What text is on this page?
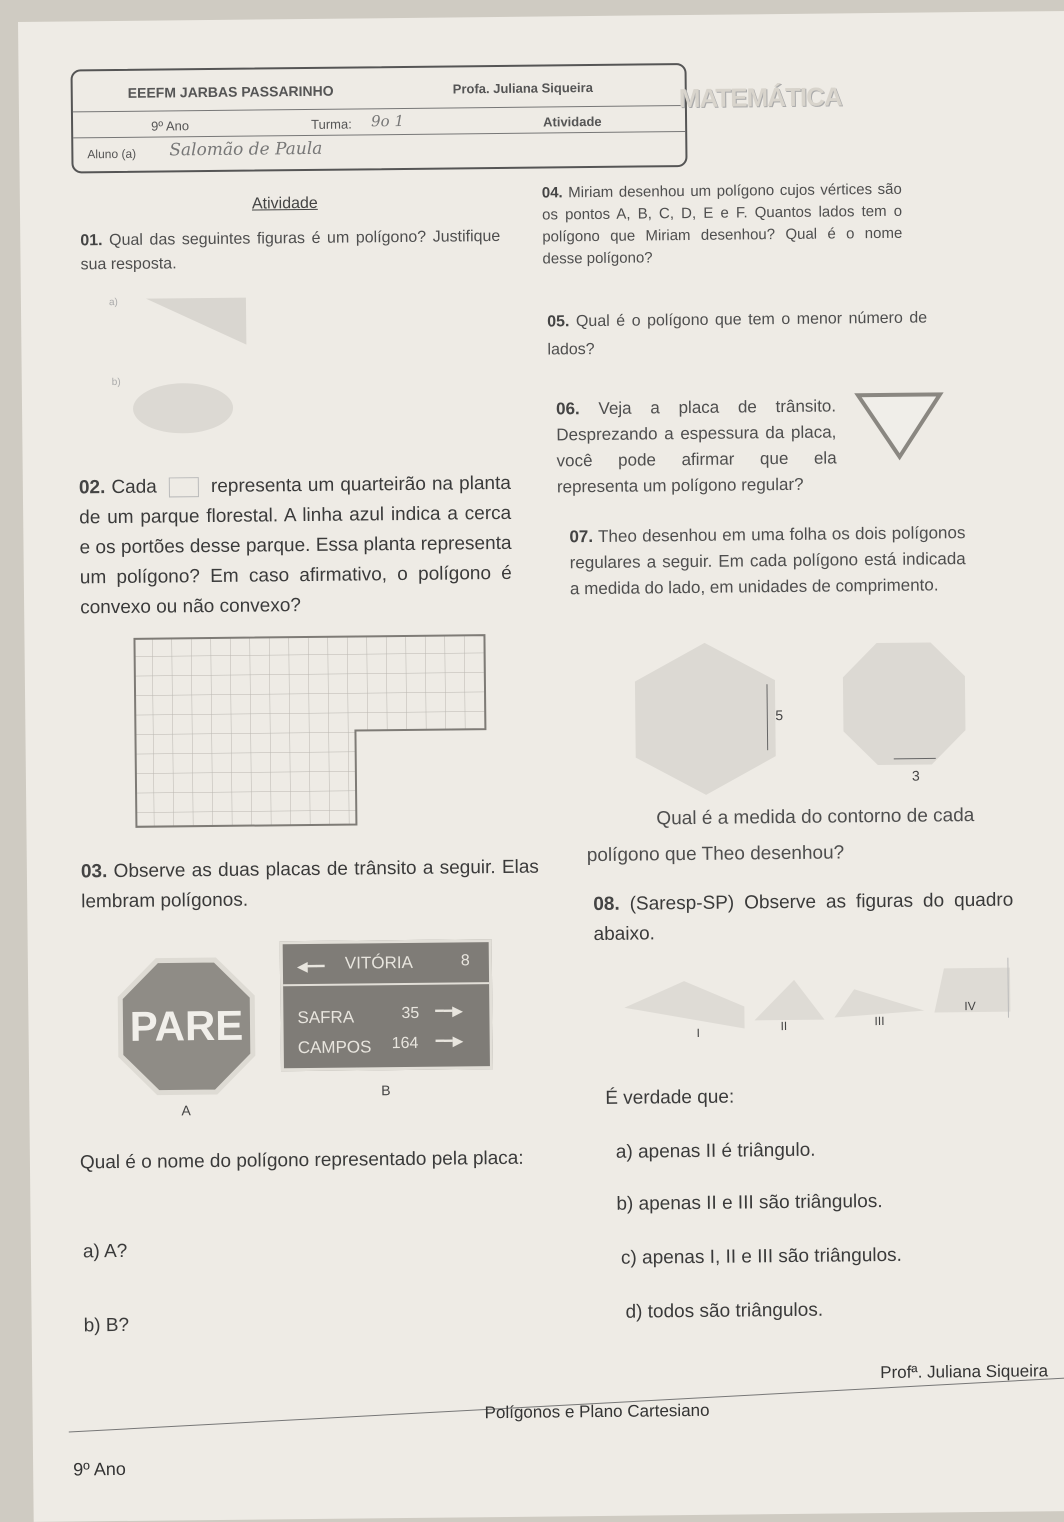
EEEFM JARBAS PASSARINHO	Profa. Juliana Siqueira
9º Ano	Turma: 9o 1	Atividade
Aluno (a) Salomão de Paula
MATEMÁTICA
Atividade
01. Qual das seguintes figuras é um polígono? Justifique sua resposta.
a)
b)
02. Cada	representa um quarteirão na planta de um parque florestal. A linha azul indica a cerca e os portões desse parque. Essa planta representa um polígono? Em caso afirmativo, o polígono é convexo ou não convexo?
03. Observe as duas placas de trânsito a seguir. Elas lembram polígonos.
PARE
A
◀━━ VITÓRIA	8
SAFRA	35 ━━▶
CAMPOS 164 ━━▶
B
Qual é o nome do polígono representado pela placa:
a) A?
b) B?
04. Miriam desenhou um polígono cujos vértices são os pontos A, B, C, D, E e F. Quantos lados tem o polígono que Miriam desenhou? Qual é o nome desse polígono?
05. Qual é o polígono que tem o menor número de lados?
06. Veja a placa de trânsito. Desprezando a espessura da placa, você pode afirmar que ela representa um polígono regular?
07. Theo desenhou em uma folha os dois polígonos regulares a seguir. Em cada polígono está indicada a medida do lado, em unidades de comprimento.
5
3
Qual é a medida do contorno de cada polígono que Theo desenhou?
08. (Saresp-SP) Observe as figuras do quadro abaixo.
I	II	III
IV
É verdade que:
a) apenas II é triângulo.
b) apenas II e III são triângulos.
c) apenas I, II e III são triângulos.
d) todos são triângulos.
Profª. Juliana Siqueira
Polígonos e Plano Cartesiano
9º Ano
